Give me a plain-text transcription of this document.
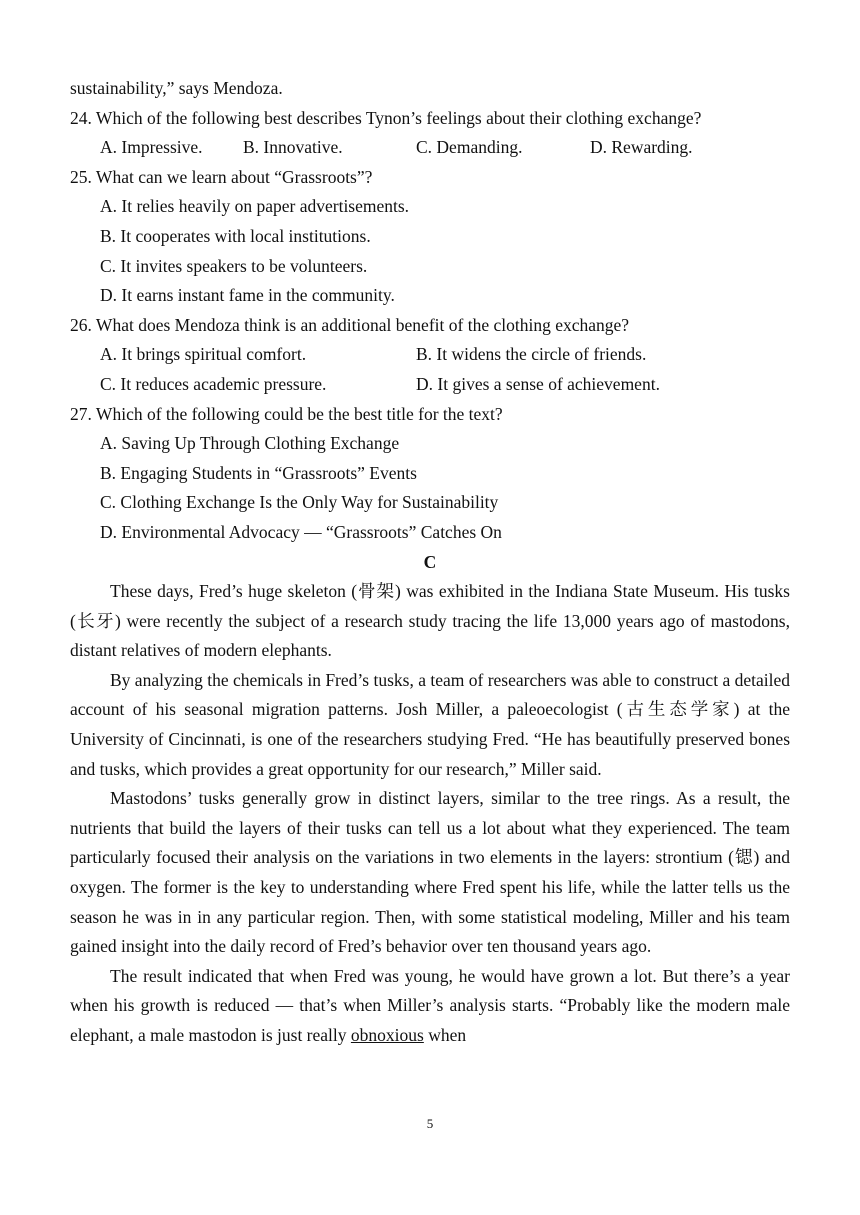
sustainability,” says Mendoza.
24. Which of the following best describes Tynon’s feelings about their clothing exchange?
A. Impressive. B. Innovative.	C. Demanding.	D. Rewarding.
25. What can we learn about “Grassroots”?
A. It relies heavily on paper advertisements.
B. It cooperates with local institutions.
C. It invites speakers to be volunteers.
D. It earns instant fame in the community.
26. What does Mendoza think is an additional benefit of the clothing exchange?
A. It brings spiritual comfort.	B. It widens the circle of friends.
C. It reduces academic pressure.	D. It gives a sense of achievement.
27. Which of the following could be the best title for the text?
A. Saving Up Through Clothing Exchange
B. Engaging Students in “Grassroots” Events
C. Clothing Exchange Is the Only Way for Sustainability
D. Environmental Advocacy — “Grassroots” Catches On
C

These days, Fred’s huge skeleton (骨架) was exhibited in the Indiana State Museum. His tusks (长牙) were recently the subject of a research study tracing the life 13,000 years ago of mastodons, distant relatives of modern elephants.

By analyzing the chemicals in Fred’s tusks, a team of researchers was able to construct a detailed account of his seasonal migration patterns. Josh Miller, a paleoecologist (古生态学家) at the University of Cincinnati, is one of the researchers studying Fred. “He has beautifully preserved bones and tusks, which provides a great opportunity for our research,” Miller said.

Mastodons’ tusks generally grow in distinct layers, similar to the tree rings. As a result, the nutrients that build the layers of their tusks can tell us a lot about what they experienced. The team particularly focused their analysis on the variations in two elements in the layers: strontium (锶) and oxygen. The former is the key to understanding where Fred spent his life, while the latter tells us the season he was in in any particular region. Then, with some statistical modeling, Miller and his team gained insight into the daily record of Fred’s behavior over ten thousand years ago.

The result indicated that when Fred was young, he would have grown a lot. But there’s a year when his growth is reduced — that’s when Miller’s analysis starts. “Probably like the modern male elephant, a male mastodon is just really obnoxious when

5
